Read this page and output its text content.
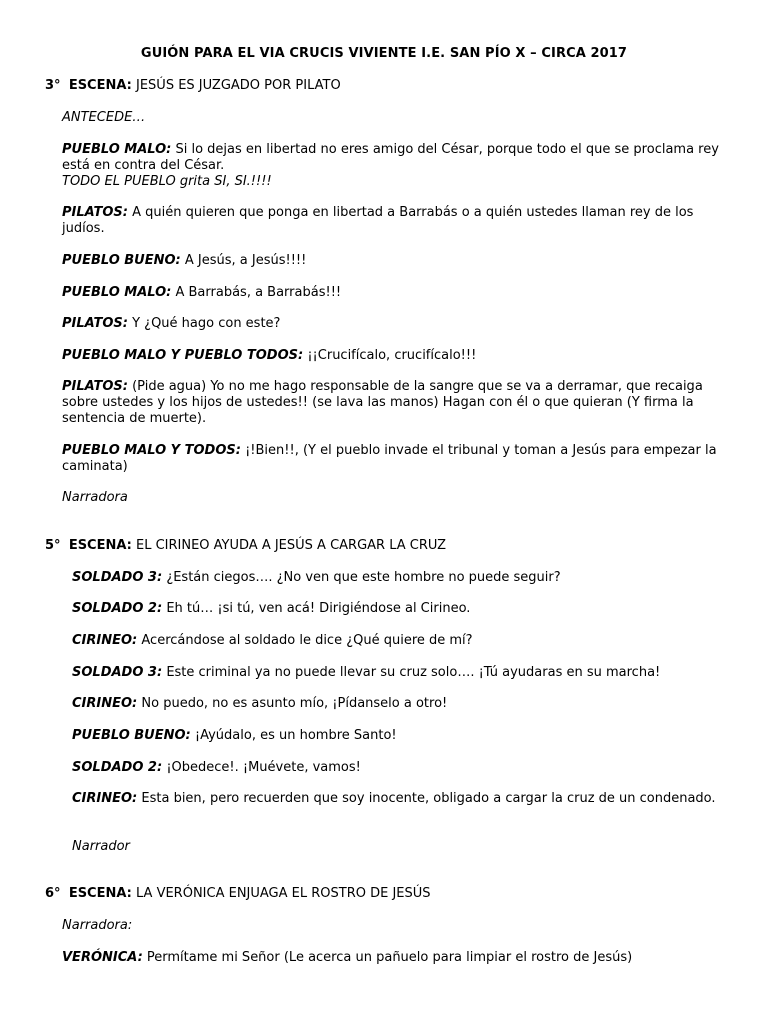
GUIÓN PARA EL VIA CRUCIS VIVIENTE I.E. SAN PÍO X – CIRCA 2017
3° ESCENA: JESÚS ES JUZGADO POR PILATO
ANTECEDE…
PUEBLO MALO: Si lo dejas en libertad no eres amigo del César, porque todo el que se proclama rey está en contra del César.
TODO EL PUEBLO grita SI, SI.!!!!
PILATOS: A quién quieren que ponga en libertad a Barrabás o a quién ustedes llaman rey de los judíos.
PUEBLO BUENO: A Jesús, a Jesús!!!!
PUEBLO MALO: A Barrabás, a Barrabás!!!
PILATOS: Y ¿Qué hago con este?
PUEBLO MALO Y PUEBLO TODOS: ¡¡Crucifícalo, crucifícalo!!!
PILATOS: (Pide agua) Yo no me hago responsable de la sangre que se va a derramar, que recaiga sobre ustedes y los hijos de ustedes!! (se lava las manos) Hagan con él o que quieran (Y firma la sentencia de muerte).
PUEBLO MALO Y TODOS: ¡!Bien!!, (Y el pueblo invade el tribunal y toman a Jesús para empezar la caminata)
Narradora
5° ESCENA: EL CIRINEO AYUDA A JESÚS A CARGAR LA CRUZ
SOLDADO 3: ¿Están ciegos…. ¿No ven que este hombre no puede seguir?
SOLDADO 2: Eh tú… ¡si tú, ven acá! Dirigiéndose al Cirineo.
CIRINEO: Acercándose al soldado le dice ¿Qué quiere de mí?
SOLDADO 3: Este criminal ya no puede llevar su cruz solo…. ¡Tú ayudaras en su marcha!
CIRINEO: No puedo, no es asunto mío, ¡Pídanselo a otro!
PUEBLO BUENO: ¡Ayúdalo, es un hombre Santo!
SOLDADO 2: ¡Obedece!. ¡Muévete, vamos!
CIRINEO: Esta bien, pero recuerden que soy inocente, obligado a cargar la cruz de un condenado.
Narrador
6° ESCENA: LA VERÓNICA ENJUAGA EL ROSTRO DE JESÚS
Narradora:
VERÓNICA: Permítame mi Señor (Le acerca un pañuelo para limpiar el rostro de Jesús)
